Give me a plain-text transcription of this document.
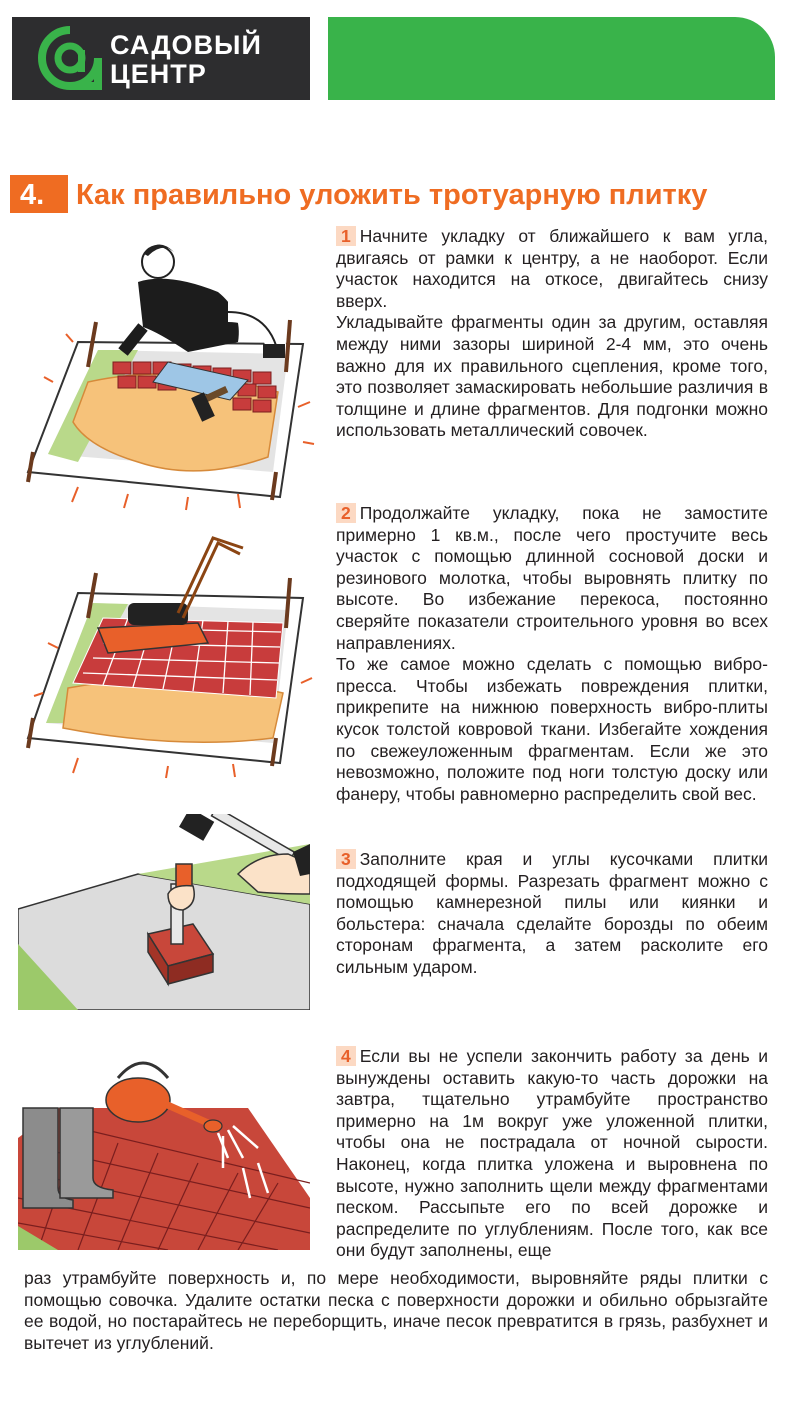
САДОВЫЙ
ЦЕНТР
4. Как правильно уложить тротуарную плитку

1 Начните укладку от ближайшего к вам угла, двигаясь от рамки к центру, а не наоборот. Если участок находится на откосе, двигайтесь снизу вверх.

Укладывайте фрагменты один за другим, оставляя между ними зазоры шириной 2-4 мм, это очень важно для их правильного сцепления, кроме того, это позволяет замаскировать небольшие различия в толщине и длине фрагментов. Для подгонки можно использовать металлический совочек.

2 Продолжайте укладку, пока не замостите примерно 1 кв.м., после чего простучите весь участок с помощью длинной сосновой доски и резинового молотка, чтобы выровнять плитку по высоте. Во избежание перекоса, постоянно сверяйте показатели строительного уровня во всех направлениях.

То же самое можно сделать с помощью вибро-пресса. Чтобы избежать повреждения плитки, прикрепите на нижнюю поверхность вибро-плиты кусок толстой ковровой ткани. Избегайте хождения по свежеуложенным фрагментам. Если же это невозможно, положите под ноги толстую доску или фанеру, чтобы равномерно распределить свой вес.

3 Заполните края и углы кусочками плитки подходящей формы. Разрезать фрагмент можно с помощью камнерезной пилы или киянки и больстера: сначала сделайте борозды по обеим сторонам фрагмента, а затем расколите его сильным ударом.

4 Если вы не успели закончить работу за день и вынуждены оставить какую-то часть дорожки на завтра, тщательно утрамбуйте пространство примерно на 1м вокруг уже уложенной плитки, чтобы она не пострадала от ночной сырости. Наконец, когда плитка уложена и выровнена по высоте, нужно заполнить щели между фрагментами песком. Рассыпьте его по всей дорожке и распределите по углублениям. После того, как все они будут заполнены, еще

раз утрамбуйте поверхность и, по мере необходимости, выровняйте ряды плитки с помощью совочка. Удалите остатки песка с поверхности дорожки и обильно обрызгайте ее водой, но постарайтесь не переборщить, иначе песок превратится в грязь, разбухнет и вытечет из углублений.
